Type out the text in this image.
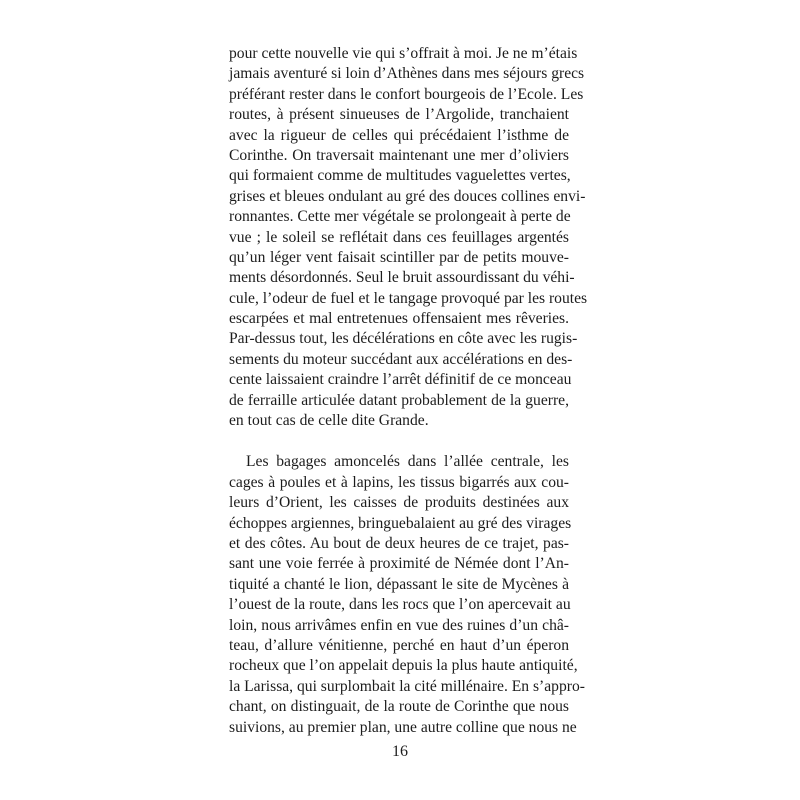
pour cette nouvelle vie qui s’offrait à moi. Je ne m’étais
jamais aventuré si loin d’Athènes dans mes séjours grecs
préférant rester dans le confort bourgeois de l’Ecole. Les
routes, à présent sinueuses de l’Argolide, tranchaient
avec la rigueur de celles qui précédaient l’isthme de
Corinthe. On traversait maintenant une mer d’oliviers
qui formaient comme de multitudes vaguelettes vertes,
grises et bleues ondulant au gré des douces collines envi-
ronnantes. Cette mer végétale se prolongeait à perte de
vue ; le soleil se reflétait dans ces feuillages argentés
qu’un léger vent faisait scintiller par de petits mouve-
ments désordonnés. Seul le bruit assourdissant du véhi-
cule, l’odeur de fuel et le tangage provoqué par les routes
escarpées et mal entretenues offensaient mes rêveries.
Par-dessus tout, les décélérations en côte avec les rugis-
sements du moteur succédant aux accélérations en des-
cente laissaient craindre l’arrêt définitif de ce monceau
de ferraille articulée datant probablement de la guerre,
en tout cas de celle dite Grande.
Les bagages amoncelés dans l’allée centrale, les
cages à poules et à lapins, les tissus bigarrés aux cou-
leurs d’Orient, les caisses de produits destinées aux
échoppes argiennes, bringuebalaient au gré des virages
et des côtes. Au bout de deux heures de ce trajet, pas-
sant une voie ferrée à proximité de Némée dont l’An-
tiquité a chanté le lion, dépassant le site de Mycènes à
l’ouest de la route, dans les rocs que l’on apercevait au
loin, nous arrivâmes enfin en vue des ruines d’un châ-
teau, d’allure vénitienne, perché en haut d’un éperon
rocheux que l’on appelait depuis la plus haute antiquité,
la Larissa, qui surplombait la cité millénaire. En s’appro-
chant, on distinguait, de la route de Corinthe que nous
suivions, au premier plan, une autre colline que nous ne
16
